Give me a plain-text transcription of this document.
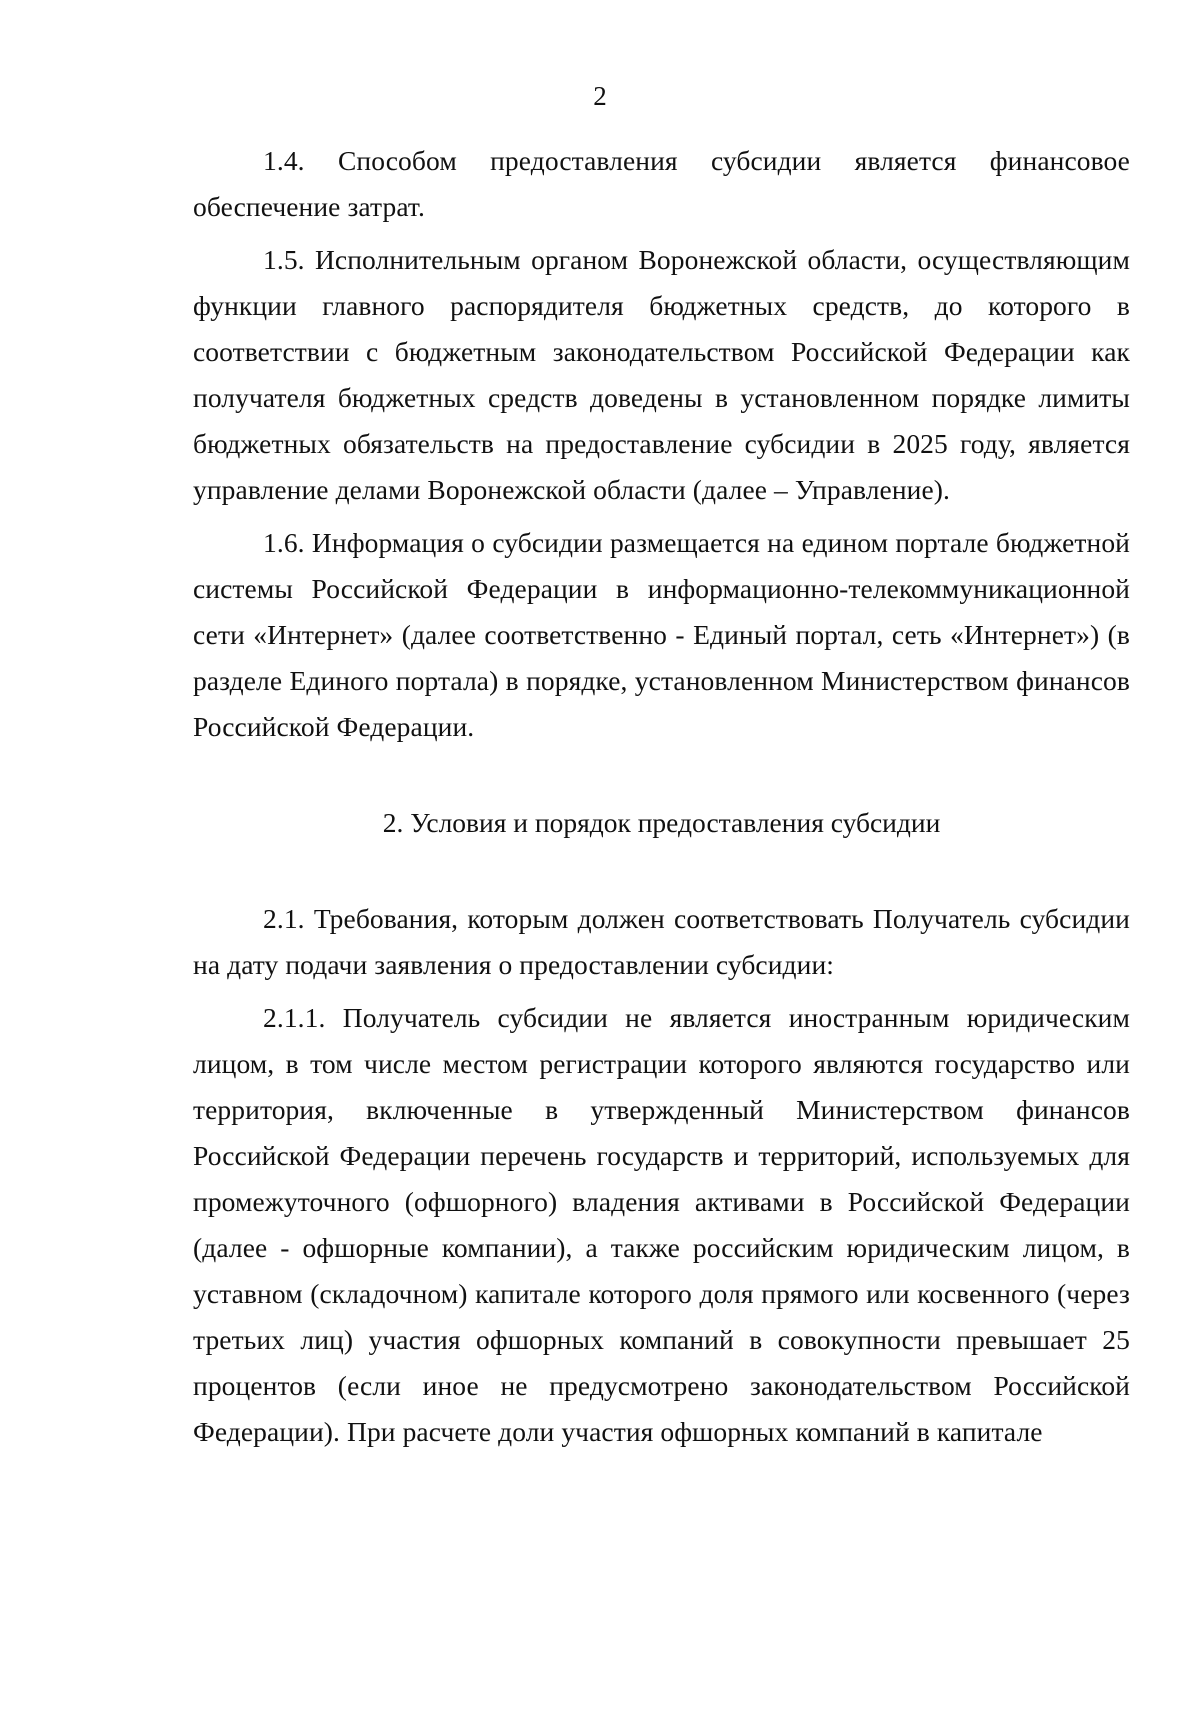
2

1.4. Способом предоставления субсидии является финансовое обеспечение затрат.

1.5. Исполнительным органом Воронежской области, осуществляющим функции главного распорядителя бюджетных средств, до которого в соответствии с бюджетным законодательством Российской Федерации как получателя бюджетных средств доведены в установленном порядке лимиты бюджетных обязательств на предоставление субсидии в 2025 году, является управление делами Воронежской области (далее – Управление).

1.6. Информация о субсидии размещается на едином портале бюджетной системы Российской Федерации в информационно-телекоммуникационной сети «Интернет» (далее соответственно - Единый портал, сеть «Интернет») (в разделе Единого портала) в порядке, установленном Министерством финансов Российской Федерации.

2. Условия и порядок предоставления субсидии

2.1. Требования, которым должен соответствовать Получатель субсидии на дату подачи заявления о предоставлении субсидии:

2.1.1. Получатель субсидии не является иностранным юридическим лицом, в том числе местом регистрации которого являются государство или территория, включенные в утвержденный Министерством финансов Российской Федерации перечень государств и территорий, используемых для промежуточного (офшорного) владения активами в Российской Федерации (далее - офшорные компании), а также российским юридическим лицом, в уставном (складочном) капитале которого доля прямого или косвенного (через третьих лиц) участия офшорных компаний в совокупности превышает 25 процентов (если иное не предусмотрено законодательством Российской Федерации). При расчете доли участия офшорных компаний в капитале
